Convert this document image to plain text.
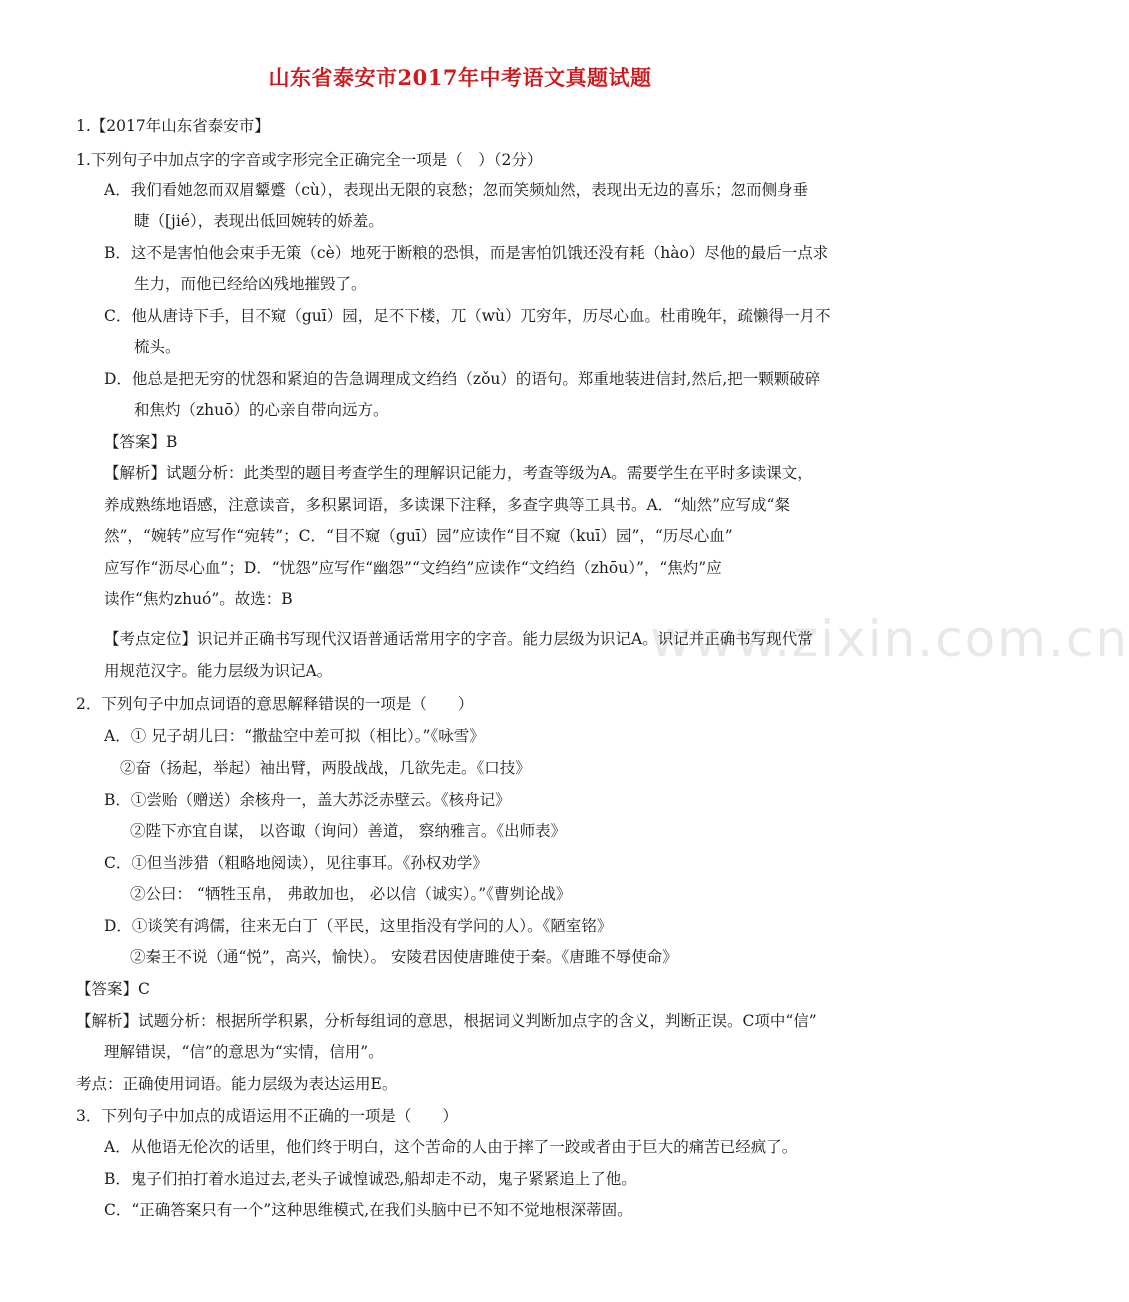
山东省泰安市2017年中考语文真题试题
www.zixin.com.cn
1.【2017年山东省泰安市】
1.下列句子中加点字的字音或字形完全正确完全一项是（　）（2分）
A．我们看她忽而双眉颦蹙（cù），表现出无限的哀愁；忽而笑频灿然，表现出无边的喜乐；忽而侧身垂
睫（[jié），表现出低回婉转的娇羞。
B．这不是害怕他会束手无策（cè）地死于断粮的恐惧，而是害怕饥饿还没有耗（hào）尽他的最后一点求
生力，而他已经给凶残地摧毁了。
C．他从唐诗下手，目不窥（guī）园，足不下楼，兀（wù）兀穷年，历尽心血。杜甫晚年，疏懒得一月不
梳头。
D．他总是把无穷的忧怨和紧迫的告急调理成文绉绉（zǒu）的语句。郑重地装进信封,然后,把一颗颗破碎
和焦灼（zhuō）的心亲自带向远方。
【答案】B
【解析】试题分析：此类型的题目考查学生的理解识记能力，考查等级为A。需要学生在平时多读课文，
养成熟练地语感，注意读音，多积累词语，多读课下注释，多查字典等工具书。A．“灿然”应写成“粲
然”，“婉转”应写作“宛转”；C．“目不窥（guī）园”应读作“目不窥（kuī）园”，“历尽心血”
应写作“沥尽心血”；D．“忧怨”应写作“幽怨”“文绉绉”应读作“文绉绉（zhōu）”，“焦灼”应
读作“焦灼zhuó”。故选：B
【考点定位】识记并正确书写现代汉语普通话常用字的字音。能力层级为识记A。识记并正确书写现代常
用规范汉字。能力层级为识记A。
2．下列句子中加点词语的意思解释错误的一项是（　　）
A．① 兄子胡儿曰：“撒盐空中差可拟（相比）。”《咏雪》
②奋（扬起，举起）袖出臂，两股战战，几欲先走。《口技》
B．①尝贻（赠送）余核舟一，盖大苏泛赤壁云。《核舟记》
②陛下亦宜自谋， 以咨诹（询问）善道， 察纳雅言。《出师表》
C．①但当涉猎（粗略地阅读），见往事耳。《孙权劝学》
②公曰： “牺牲玉帛， 弗敢加也， 必以信（诚实）。”《曹刿论战》
D．①谈笑有鸿儒，往来无白丁（平民，这里指没有学问的人）。《陋室铭》
②秦王不说（通“悦”，高兴，愉快）。 安陵君因使唐雎使于秦。《唐雎不辱使命》
【答案】C
【解析】试题分析：根据所学积累，分析每组词的意思，根据词义判断加点字的含义，判断正误。C项中“信”
理解错误，“信”的意思为“实情，信用”。
考点：正确使用词语。能力层级为表达运用E。
3．下列句子中加点的成语运用不正确的一项是（　　）
A．从他语无伦次的话里，他们终于明白，这个苦命的人由于摔了一跤或者由于巨大的痛苦已经疯了。
B．鬼子们拍打着水追过去,老头子诚惶诚恐,船却走不动，鬼子紧紧追上了他。
C．“正确答案只有一个”这种思维模式,在我们头脑中已不知不觉地根深蒂固。
